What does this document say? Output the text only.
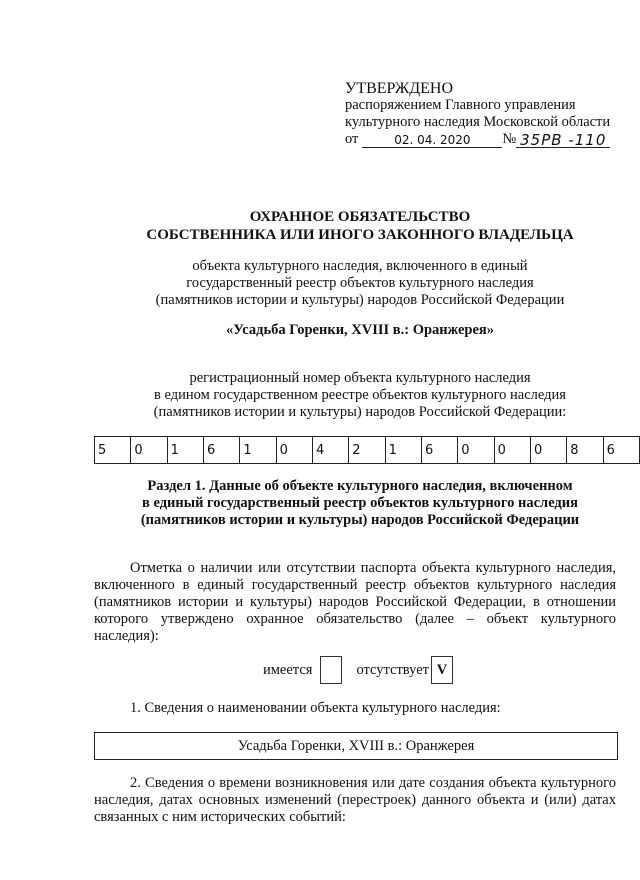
УТВЕРЖДЕНО
распоряжением Главного управления
культурного наследия Московской области
от	02. 04. 2020	№ 35РВ -110
ОХРАННОЕ ОБЯЗАТЕЛЬСТВО
СОБСТВЕННИКА ИЛИ ИНОГО ЗАКОННОГО ВЛАДЕЛЬЦА
объекта культурного наследия, включенного в единый
государственный реестр объектов культурного наследия
(памятников истории и культуры) народов Российской Федерации
«Усадьба Горенки, XVIII в.: Оранжерея»
регистрационный номер объекта культурного наследия
в едином государственном реестре объектов культурного наследия
(памятников истории и культуры) народов Российской Федерации:
5	0	1	6	1	0	4	2	1	6	0	0	0	8	6
Раздел 1. Данные об объекте культурного наследия, включенном
в единый государственный реестр объектов культурного наследия
(памятников истории и культуры) народов Российской Федерации
Отметка о наличии или отсутствии паспорта объекта культурного наследия, включенного в единый государственный реестр объектов культурного наследия (памятников истории и культуры) народов Российской Федерации, в отношении которого утверждено охранное обязательство (далее – объект культурного наследия):
имеется	отсутствует V
1. Сведения о наименовании объекта культурного наследия:
Усадьба Горенки, XVIII в.: Оранжерея
2. Сведения о времени возникновения или дате создания объекта культурного наследия, датах основных изменений (перестроек) данного объекта и (или) датах связанных с ним исторических событий:
